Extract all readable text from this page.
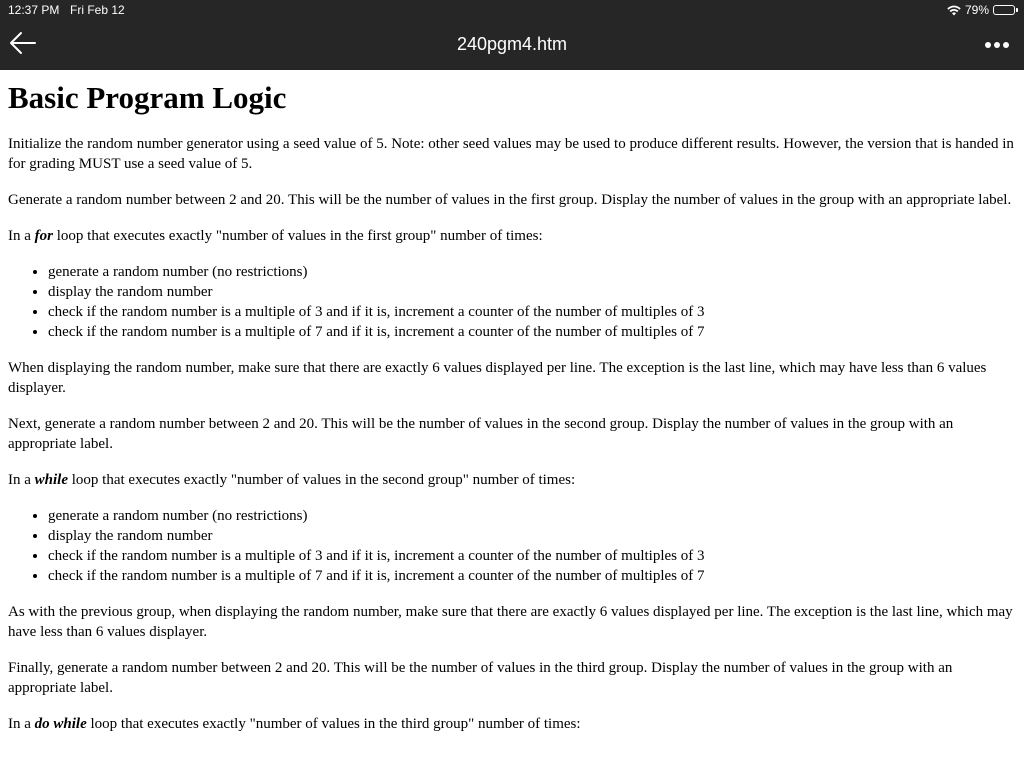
12:37 PM Fri Feb 12	79%
240pgm4.htm
Basic Program Logic

Initialize the random number generator using a seed value of 5. Note: other seed values may be used to produce different results. However, the version that is handed in for grading MUST use a seed value of 5.

Generate a random number between 2 and 20. This will be the number of values in the first group. Display the number of values in the group with an appropriate label.

In a for loop that executes exactly "number of values in the first group" number of times:

• generate a random number (no restrictions)
• display the random number
• check if the random number is a multiple of 3 and if it is, increment a counter of the number of multiples of 3
• check if the random number is a multiple of 7 and if it is, increment a counter of the number of multiples of 7

When displaying the random number, make sure that there are exactly 6 values displayed per line. The exception is the last line, which may have less than 6 values displayer.

Next, generate a random number between 2 and 20. This will be the number of values in the second group. Display the number of values in the group with an appropriate label.

In a while loop that executes exactly "number of values in the second group" number of times:

• generate a random number (no restrictions)
• display the random number
• check if the random number is a multiple of 3 and if it is, increment a counter of the number of multiples of 3
• check if the random number is a multiple of 7 and if it is, increment a counter of the number of multiples of 7

As with the previous group, when displaying the random number, make sure that there are exactly 6 values displayed per line. The exception is the last line, which may have less than 6 values displayer.

Finally, generate a random number between 2 and 20. This will be the number of values in the third group. Display the number of values in the group with an appropriate label.

In a do while loop that executes exactly "number of values in the third group" number of times:
